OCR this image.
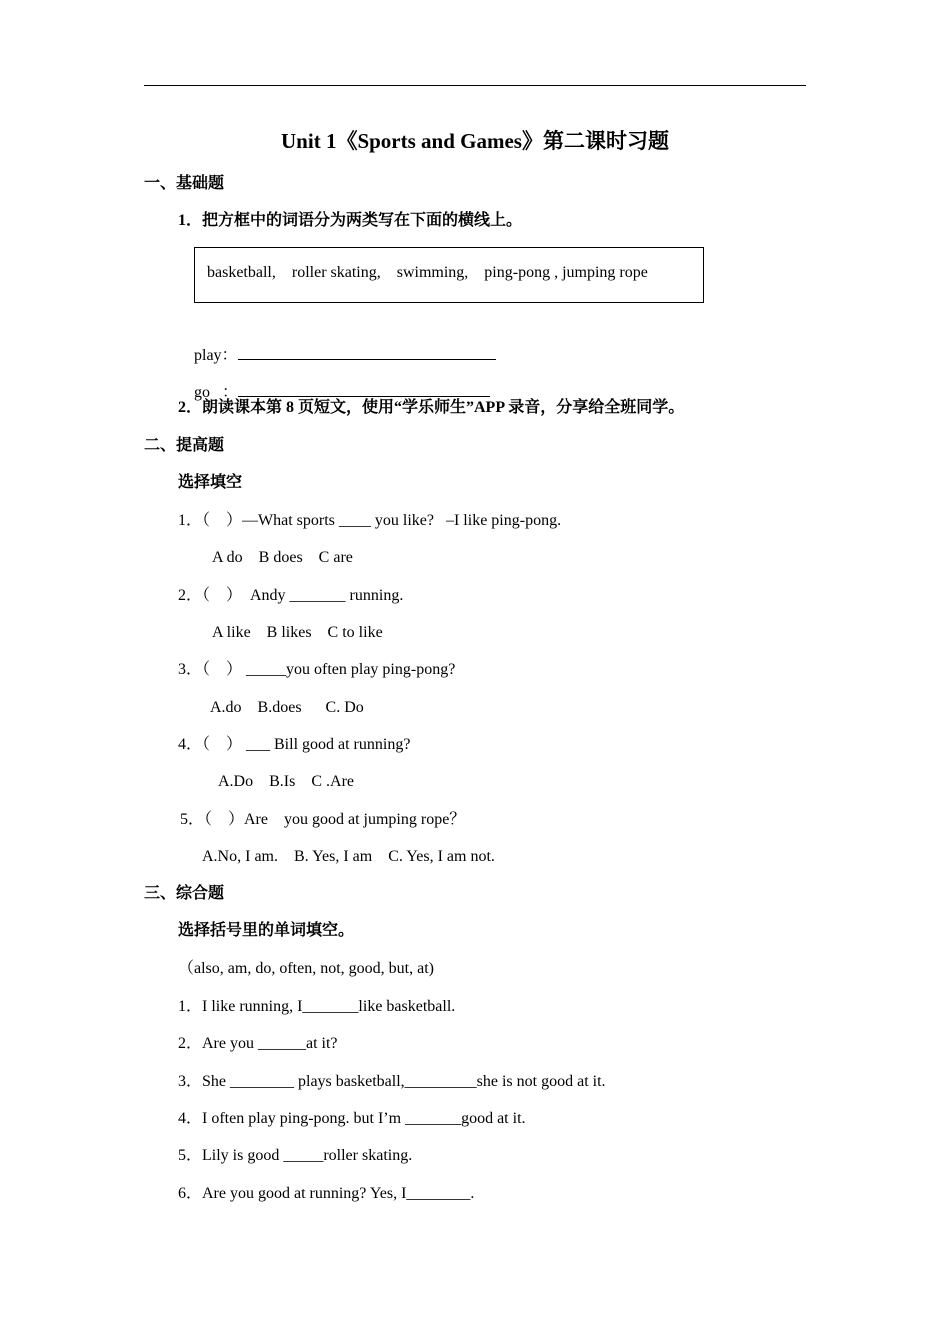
Unit 1《Sports and Games》第二课时习题
一、基础题
1．把方框中的词语分为两类写在下面的横线上。
basketball,    roller skating,    swimming,    ping-pong , jumping rope

play：

go   ：

2．朗读课本第 8 页短文，使用“学乐师生”APP 录音，分享给全班同学。
二、提高题
选择填空
1．（    ）—What sports ____ you like?   –I like ping-pong.
A do    B does    C are
2．（    ）  Andy _______ running.
A like    B likes    C to like
3．（    ） _____you often play ping-pong?
A.do    B.does      C. Do
4．（    ） ___ Bill good at running?
A.Do    B.Is    C .Are
5．（    ）Are    you good at jumping rope？
A.No, I am.    B. Yes, I am    C. Yes, I am not.
三、综合题
选择括号里的单词填空。
（also, am, do, often, not, good, but, at)
1．I like running, I_______like basketball.
2．Are you ______at it?
3．She ________ plays basketball,_________she is not good at it.
4．I often play ping-pong. but I’m _______good at it.
5．Lily is good _____roller skating.
6．Are you good at running? Yes, I________.
